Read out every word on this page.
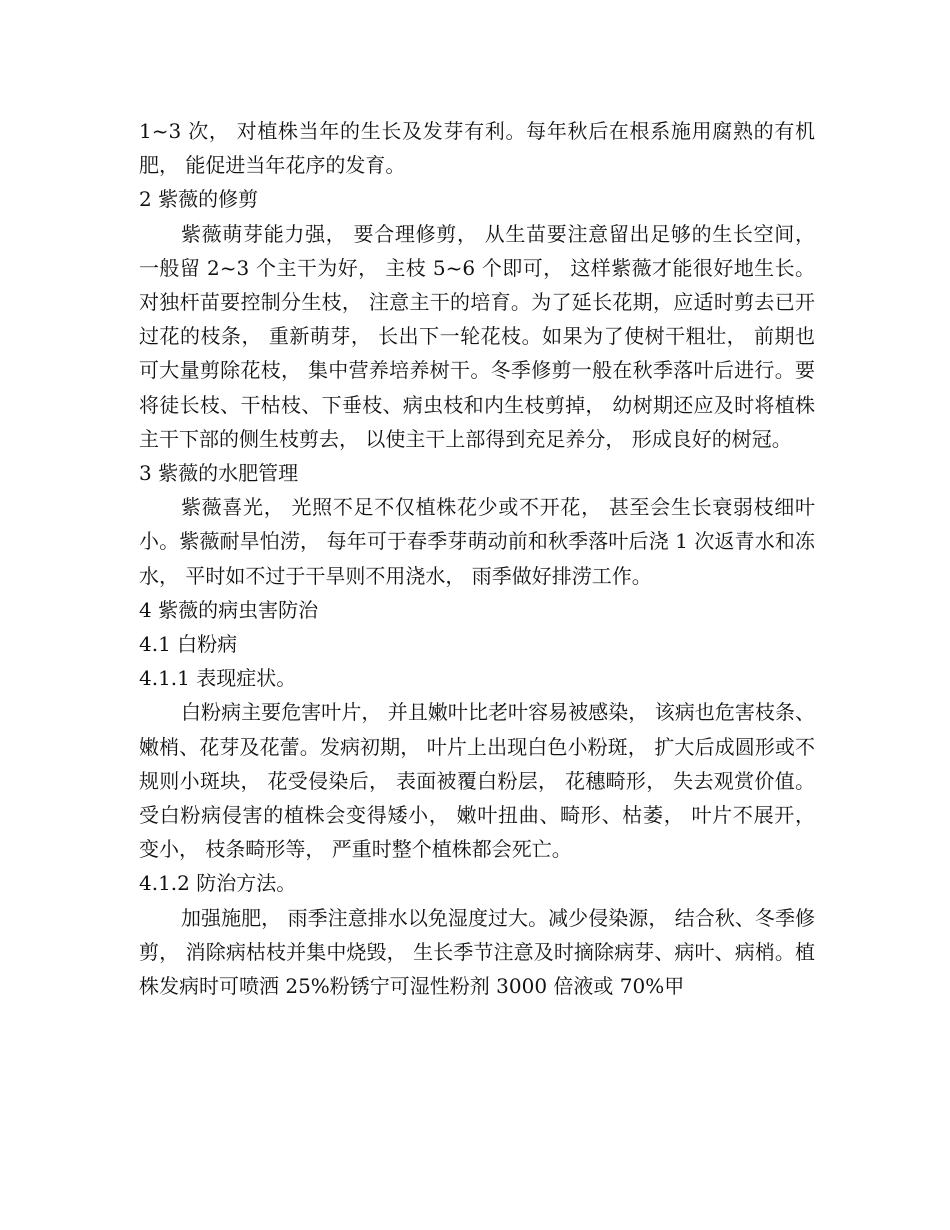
1~3 次， 对植株当年的生长及发芽有利。每年秋后在根系施用腐熟的有机肥， 能促进当年花序的发育。

2 紫薇的修剪

紫薇萌芽能力强， 要合理修剪， 从生苗要注意留出足够的生长空间， 一般留 2~3 个主干为好， 主枝 5~6 个即可， 这样紫薇才能很好地生长。对独杆苗要控制分生枝， 注意主干的培育。为了延长花期，应适时剪去已开过花的枝条， 重新萌芽， 长出下一轮花枝。如果为了使树干粗壮， 前期也可大量剪除花枝， 集中营养培养树干。冬季修剪一般在秋季落叶后进行。要将徒长枝、干枯枝、下垂枝、病虫枝和内生枝剪掉， 幼树期还应及时将植株主干下部的侧生枝剪去， 以使主干上部得到充足养分， 形成良好的树冠。

3 紫薇的水肥管理

紫薇喜光， 光照不足不仅植株花少或不开花， 甚至会生长衰弱枝细叶小。紫薇耐旱怕涝， 每年可于春季芽萌动前和秋季落叶后浇 1 次返青水和冻水， 平时如不过于干旱则不用浇水， 雨季做好排涝工作。

4 紫薇的病虫害防治

4.1 白粉病

4.1.1 表现症状。

白粉病主要危害叶片， 并且嫩叶比老叶容易被感染， 该病也危害枝条、嫩梢、花芽及花蕾。发病初期， 叶片上出现白色小粉斑， 扩大后成圆形或不规则小斑块， 花受侵染后， 表面被覆白粉层， 花穗畸形， 失去观赏价值。受白粉病侵害的植株会变得矮小， 嫩叶扭曲、畸形、枯萎， 叶片不展开， 变小， 枝条畸形等， 严重时整个植株都会死亡。

4.1.2 防治方法。

加强施肥， 雨季注意排水以免湿度过大。减少侵染源， 结合秋、冬季修剪， 消除病枯枝并集中烧毁， 生长季节注意及时摘除病芽、病叶、病梢。植株发病时可喷洒 25%粉锈宁可湿性粉剂 3000 倍液或 70%甲
